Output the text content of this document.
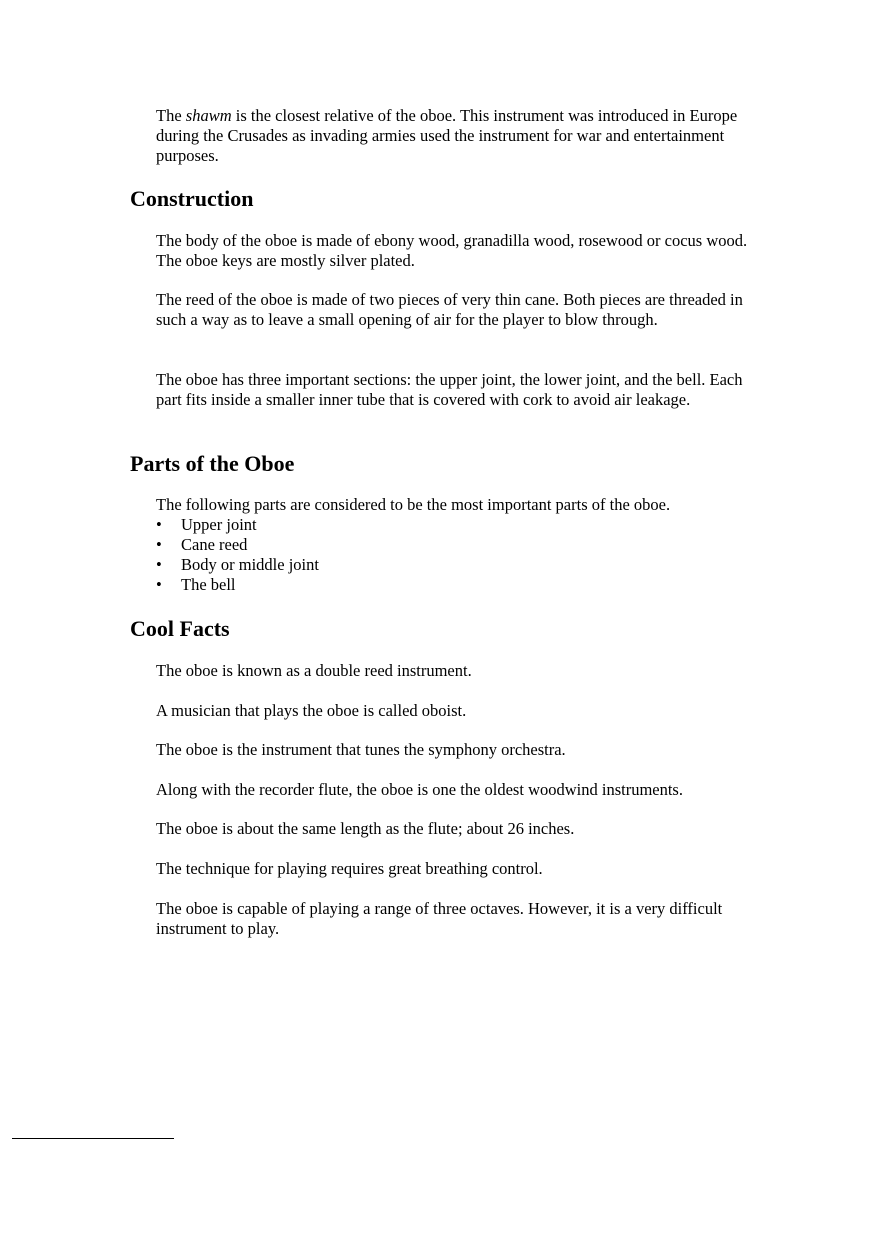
The shawm is the closest relative of the oboe. This instrument was introduced in Europe during the Crusades as invading armies used the instrument for war and entertainment purposes.

Construction

The body of the oboe is made of ebony wood, granadilla wood, rosewood or cocus wood. The oboe keys are mostly silver plated.

The reed of the oboe is made of two pieces of very thin cane. Both pieces are threaded in such a way as to leave a small opening of air for the player to blow through.

The oboe has three important sections: the upper joint, the lower joint, and the bell. Each part fits inside a smaller inner tube that is covered with cork to avoid air leakage.

Parts of the Oboe

The following parts are considered to be the most important parts of the oboe.

• Upper joint
• Cane reed
• Body or middle joint
• The bell
Cool Facts

The oboe is known as a double reed instrument.

A musician that plays the oboe is called oboist.

The oboe is the instrument that tunes the symphony orchestra.

Along with the recorder flute, the oboe is one the oldest woodwind instruments.

The oboe is about the same length as the flute; about 26 inches.

The technique for playing requires great breathing control.

The oboe is capable of playing a range of three octaves. However, it is a very difficult instrument to play.
